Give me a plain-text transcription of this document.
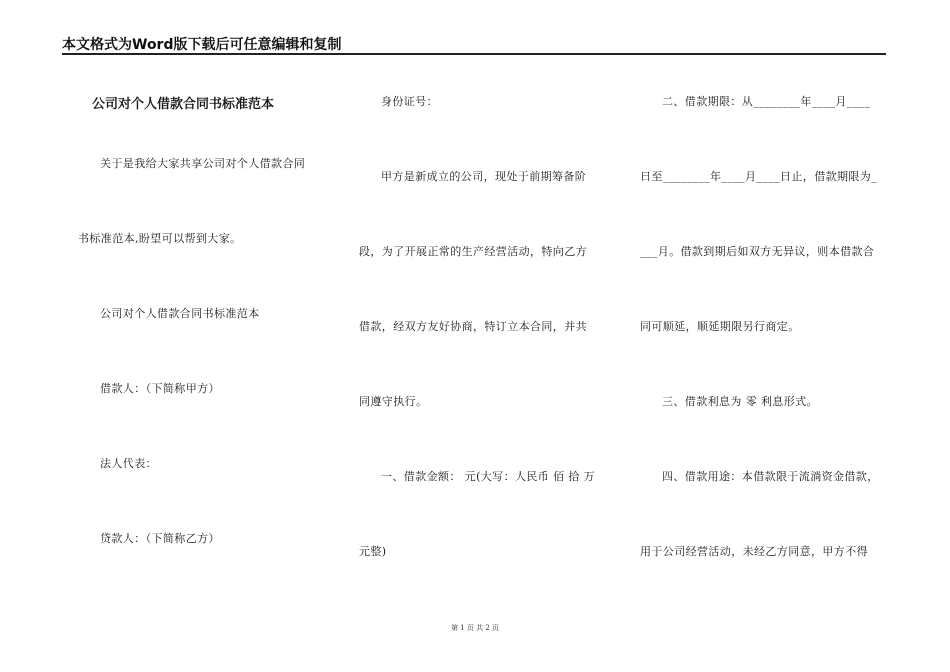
本文格式为Word版下载后可任意编辑和复制
公司对个人借款合同书标准范本
关于是我给大家共享公司对个人借款合同
书标准范本,盼望可以帮到大家。
公司对个人借款合同书标准范本
借款人：（下简称甲方）
法人代表：
贷款人：（下简称乙方）
身份证号：
甲方是新成立的公司，现处于前期筹备阶
段，为了开展正常的生产经营活动，特向乙方
借款，经双方友好协商，特订立本合同，并共
同遵守执行。
一、借款金额： 元(大写：人民币 佰 拾 万
元整)
二、借款期限：从________年____月____
日至________年____月____日止，借款期限为_
___月。借款到期后如双方无异议，则本借款合
同可顺延，顺延期限另行商定。
三、借款利息为 零 利息形式。
四、借款用途：本借款限于流淌资金借款，
用于公司经营活动，未经乙方同意，甲方不得
第 1 页 共 2 页
